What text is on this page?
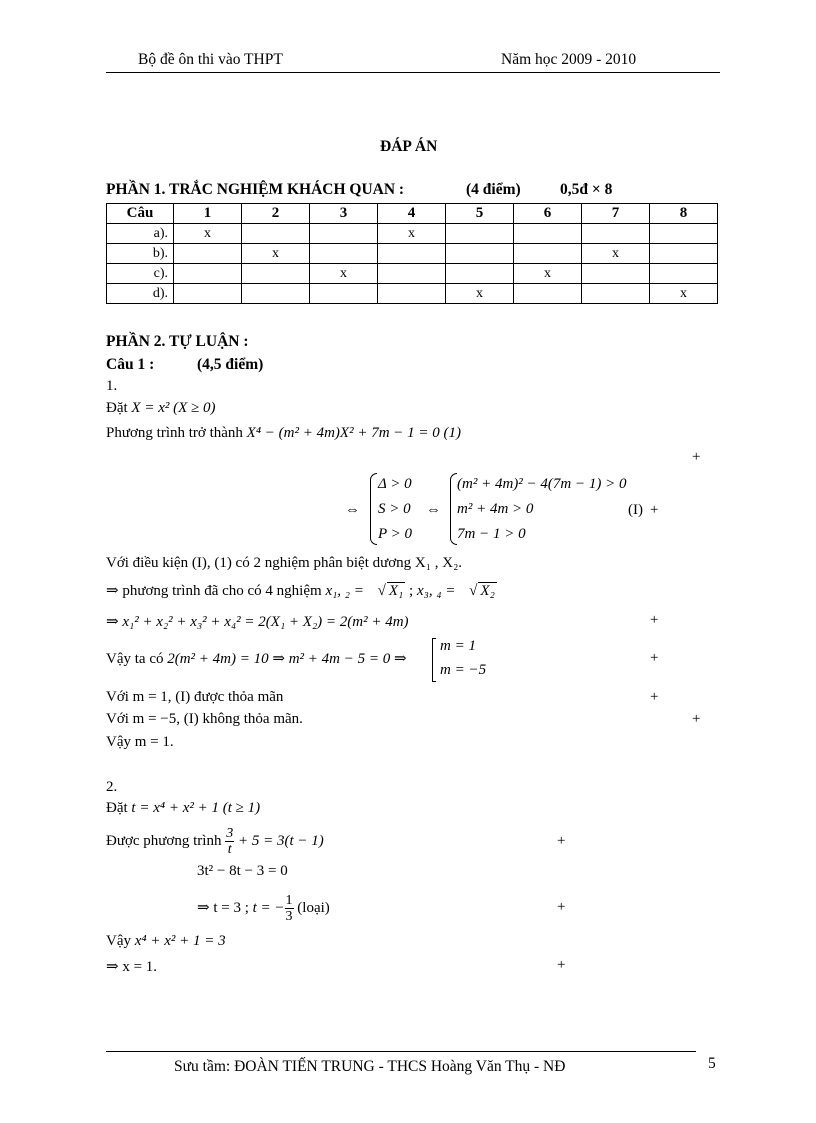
Bộ đề ôn thi vào THPT	Năm học 2009 - 2010
ĐÁP ÁN
PHẦN 1. TRẮC NGHIỆM KHÁCH QUAN :	(4 điểm)	0,5đ × 8
Câu	1	2	3	4	5	6	7	8
a).	x			x				
b).		x					x	
c).			x			x		
d).					x			x
PHẦN 2. TỰ LUẬN :
Câu 1 :	(4,5 điểm)
1.
Đặt X = x² (X ≥ 0)
Phương trình trở thành X⁴ − (m² + 4m)X² + 7m − 1 = 0 (1)
+
⇔
Δ > 0
S > 0
P > 0
⇔
(m² + 4m)² − 4(7m − 1) > 0
m² + 4m > 0
7m − 1 > 0
(I) +
Với điều kiện (I), (1) có 2 nghiệm phân biệt dương X₁ , X₂.
⇒ phương trình đã cho có 4 nghiệm x₁, ₂ = √ X₁ ; x₃, ₄ = √ X₂
⇒ x₁² + x₂² + x₃² + x₄² = 2(X₁ + X₂) = 2(m² + 4m)	+
Vậy ta có 2(m² + 4m) = 10 ⇒ m² + 4m − 5 = 0 ⇒
m = 1
m = −5
+
Với m = 1, (I) được thỏa mãn	+
Với m = −5, (I) không thỏa mãn.	+
Vậy m = 1.
2.
Đặt t = x⁴ + x² + 1 (t ≥ 1)
Được phương trình $\frac{3}{t} + 5 = 3(t - 1)$	+
3t² − 8t − 3 = 0
⇒ t = 3 ; t = − $\frac{1}{3}$ (loại)	+
Vậy x⁴ + x² + 1 = 3
⇒ x = 1.	+
Sưu tầm: ĐOÀN TIẾN TRUNG - THCS Hoàng Văn Thụ - NĐ	5
